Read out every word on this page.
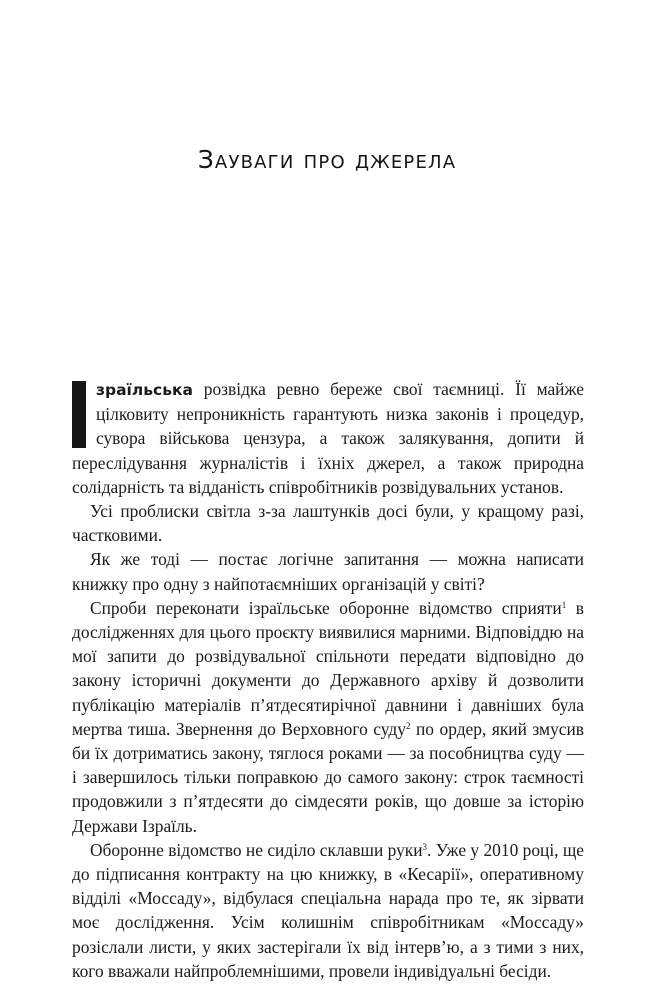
Зауваги про джерела

зраїльська розвідка ревно береже свої таємниці. Її майже цілковиту непроникність гарантують низка законів і процедур, сувора військова цензура, а також залякування, допити й переслідування журналістів і їхніх джерел, а також природна солідарність та відданість співробітників розвідувальних установ.

Усі проблиски світла з-за лаштунків досі були, у кращому разі, частковими.

Як же тоді — постає логічне запитання — можна написати книжку про одну з найпотаємніших організацій у світі?

Спроби переконати ізраїльське оборонне відомство сприяти$^1$ в дослідженнях для цього проєкту виявилися марними. Відповіддю на мої запити до розвідувальної спільноти передати відповідно до закону історичні документи до Державного архіву й дозволити публікацію матеріалів п’ятдесятирічної давнини і давніших була мертва тиша. Звернення до Верховного суду$^2$ по ордер, який змусив би їх дотриматись закону, тяглося роками — за пособництва суду — і завершилось тільки поправкою до самого закону: строк таємності продовжили з п’ятдесяти до сімдесяти років, що довше за історію Держави Ізраїль.

Оборонне відомство не сиділо склавши руки$^3$. Уже у 2010 році, ще до підписання контракту на цю книжку, в «Кесарії», оперативному відділі «Моссаду», відбулася спеціальна нарада про те, як зірвати моє дослідження. Усім колишнім співробітникам «Моссаду» розіслали листи, у яких застерігали їх від інтерв’ю, а з тими з них, кого вважали найпроблемнішими, провели індивідуальні бесіди.
